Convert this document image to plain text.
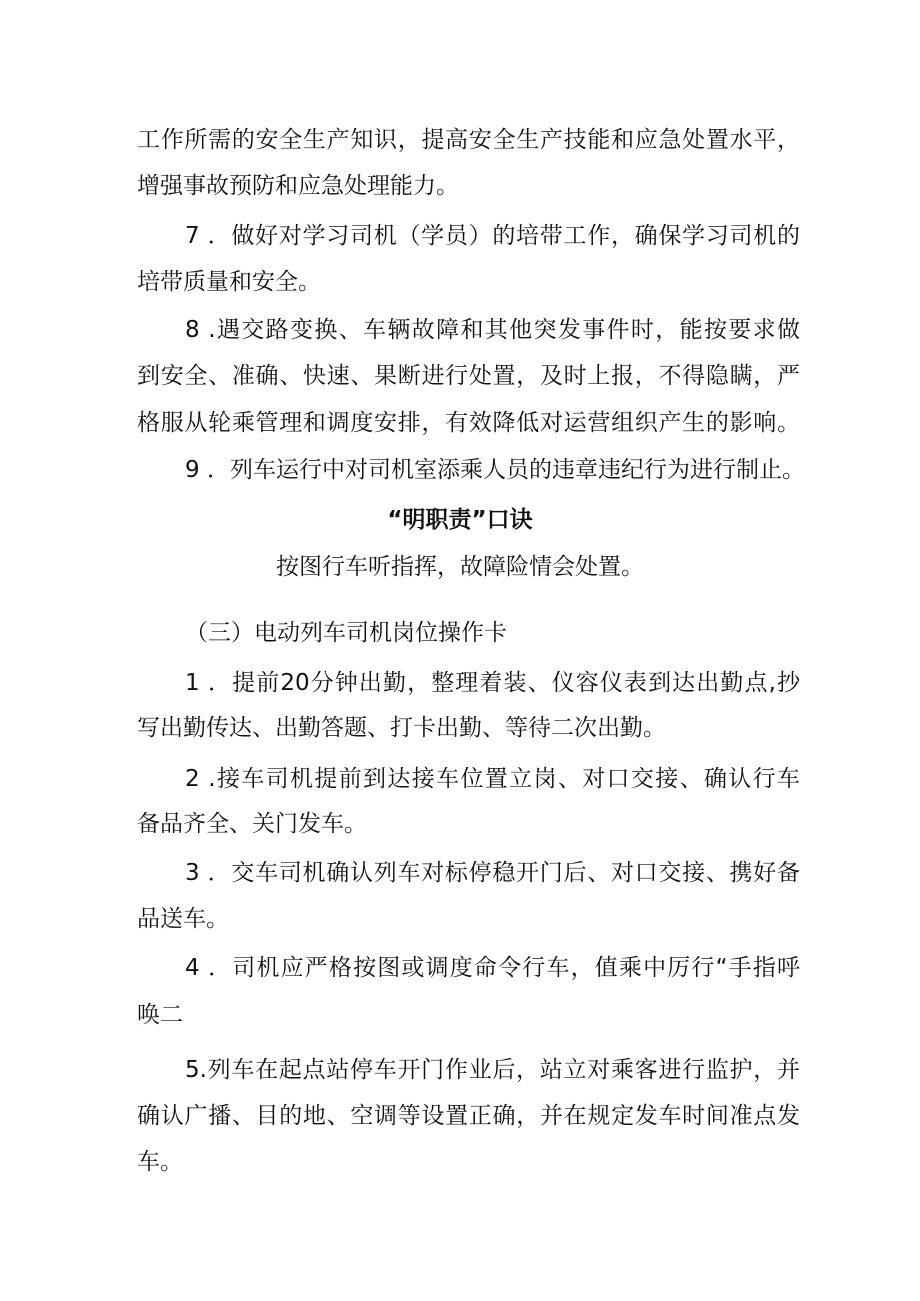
工作所需的安全生产知识，提高安全生产技能和应急处置水平，
增强事故预防和应急处理能力。
7 ．做好对学习司机（学员）的培带工作，确保学习司机的
培带质量和安全。
8 .遇交路变换、车辆故障和其他突发事件时，能按要求做
到安全、准确、快速、果断进行处置，及时上报，不得隐瞒，严
格服从轮乘管理和调度安排，有效降低对运营组织产生的影响。
9 ．列车运行中对司机室添乘人员的违章违纪行为进行制止。
“明职责”口诀
按图行车听指挥，故障险情会处置。
（三）电动列车司机岗位操作卡
1 ．提前20分钟出勤，整理着装、仪容仪表到达出勤点,抄
写出勤传达、出勤答题、打卡出勤、等待二次出勤。
2 .接车司机提前到达接车位置立岗、对口交接、确认行车
备品齐全、关门发车。
3 ．交车司机确认列车对标停稳开门后、对口交接、携好备
品送车。
4 ．司机应严格按图或调度命令行车，值乘中厉行“手指呼
唤二
5.列车在起点站停车开门作业后，站立对乘客进行监护，并
确认广播、目的地、空调等设置正确，并在规定发车时间准点发
车。
